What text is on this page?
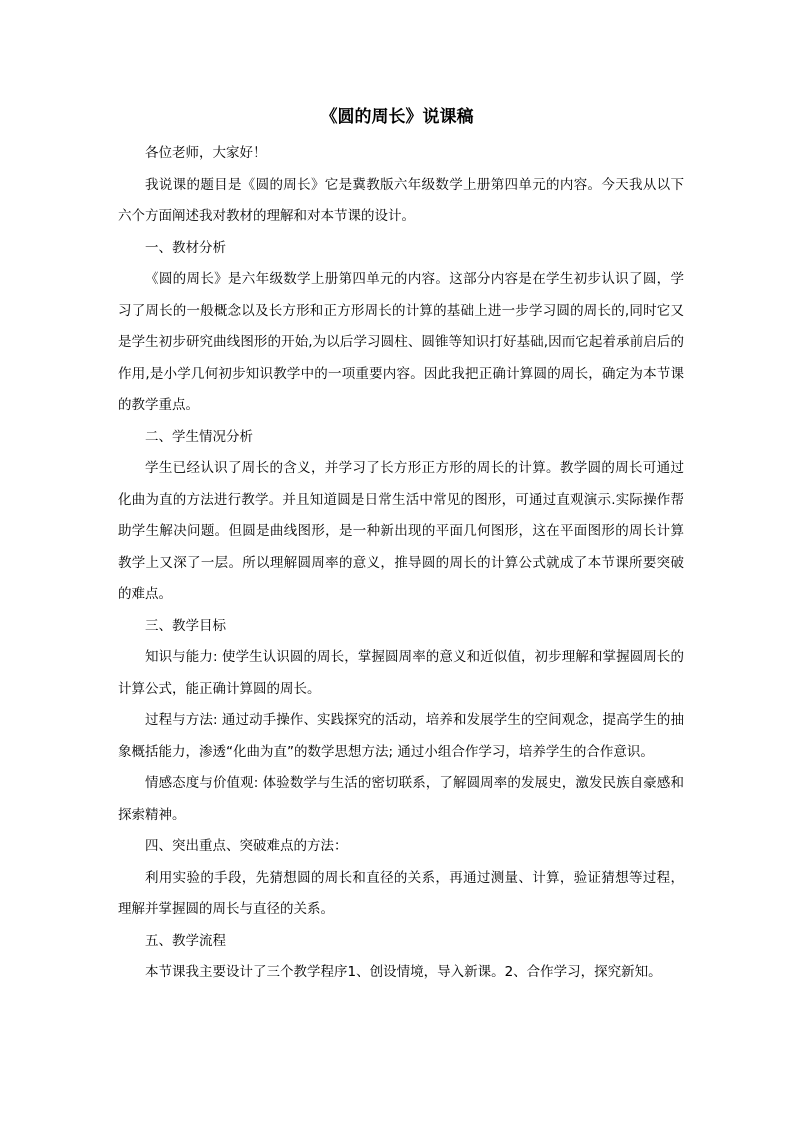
《圆的周长》说课稿

各位老师，大家好！

我说课的题目是《圆的周长》它是冀教版六年级数学上册第四单元的内容。今天我从以下六个方面阐述我对教材的理解和对本节课的设计。

一、教材分析

《圆的周长》是六年级数学上册第四单元的内容。这部分内容是在学生初步认识了圆，学习了周长的一般概念以及长方形和正方形周长的计算的基础上进一步学习圆的周长的,同时它又是学生初步研究曲线图形的开始,为以后学习圆柱、圆锥等知识打好基础,因而它起着承前启后的作用,是小学几何初步知识教学中的一项重要内容。因此我把正确计算圆的周长，确定为本节课的教学重点。

二、学生情况分析

学生已经认识了周长的含义，并学习了长方形正方形的周长的计算。教学圆的周长可通过化曲为直的方法进行教学。并且知道圆是日常生活中常见的图形，可通过直观演示.实际操作帮助学生解决问题。但圆是曲线图形，是一种新出现的平面几何图形，这在平面图形的周长计算教学上又深了一层。所以理解圆周率的意义，推导圆的周长的计算公式就成了本节课所要突破的难点。

三、教学目标

知识与能力: 使学生认识圆的周长，掌握圆周率的意义和近似值，初步理解和掌握圆周长的计算公式，能正确计算圆的周长。

过程与方法: 通过动手操作、实践探究的活动，培养和发展学生的空间观念，提高学生的抽象概括能力，渗透“化曲为直”的数学思想方法; 通过小组合作学习，培养学生的合作意识。

情感态度与价值观: 体验数学与生活的密切联系，了解圆周率的发展史，激发民族自豪感和探索精神。

四、突出重点、突破难点的方法：

利用实验的手段，先猜想圆的周长和直径的关系，再通过测量、计算，验证猜想等过程，理解并掌握圆的周长与直径的关系。

五、教学流程

本节课我主要设计了三个教学程序1、创设情境，导入新课。2、合作学习，探究新知。
